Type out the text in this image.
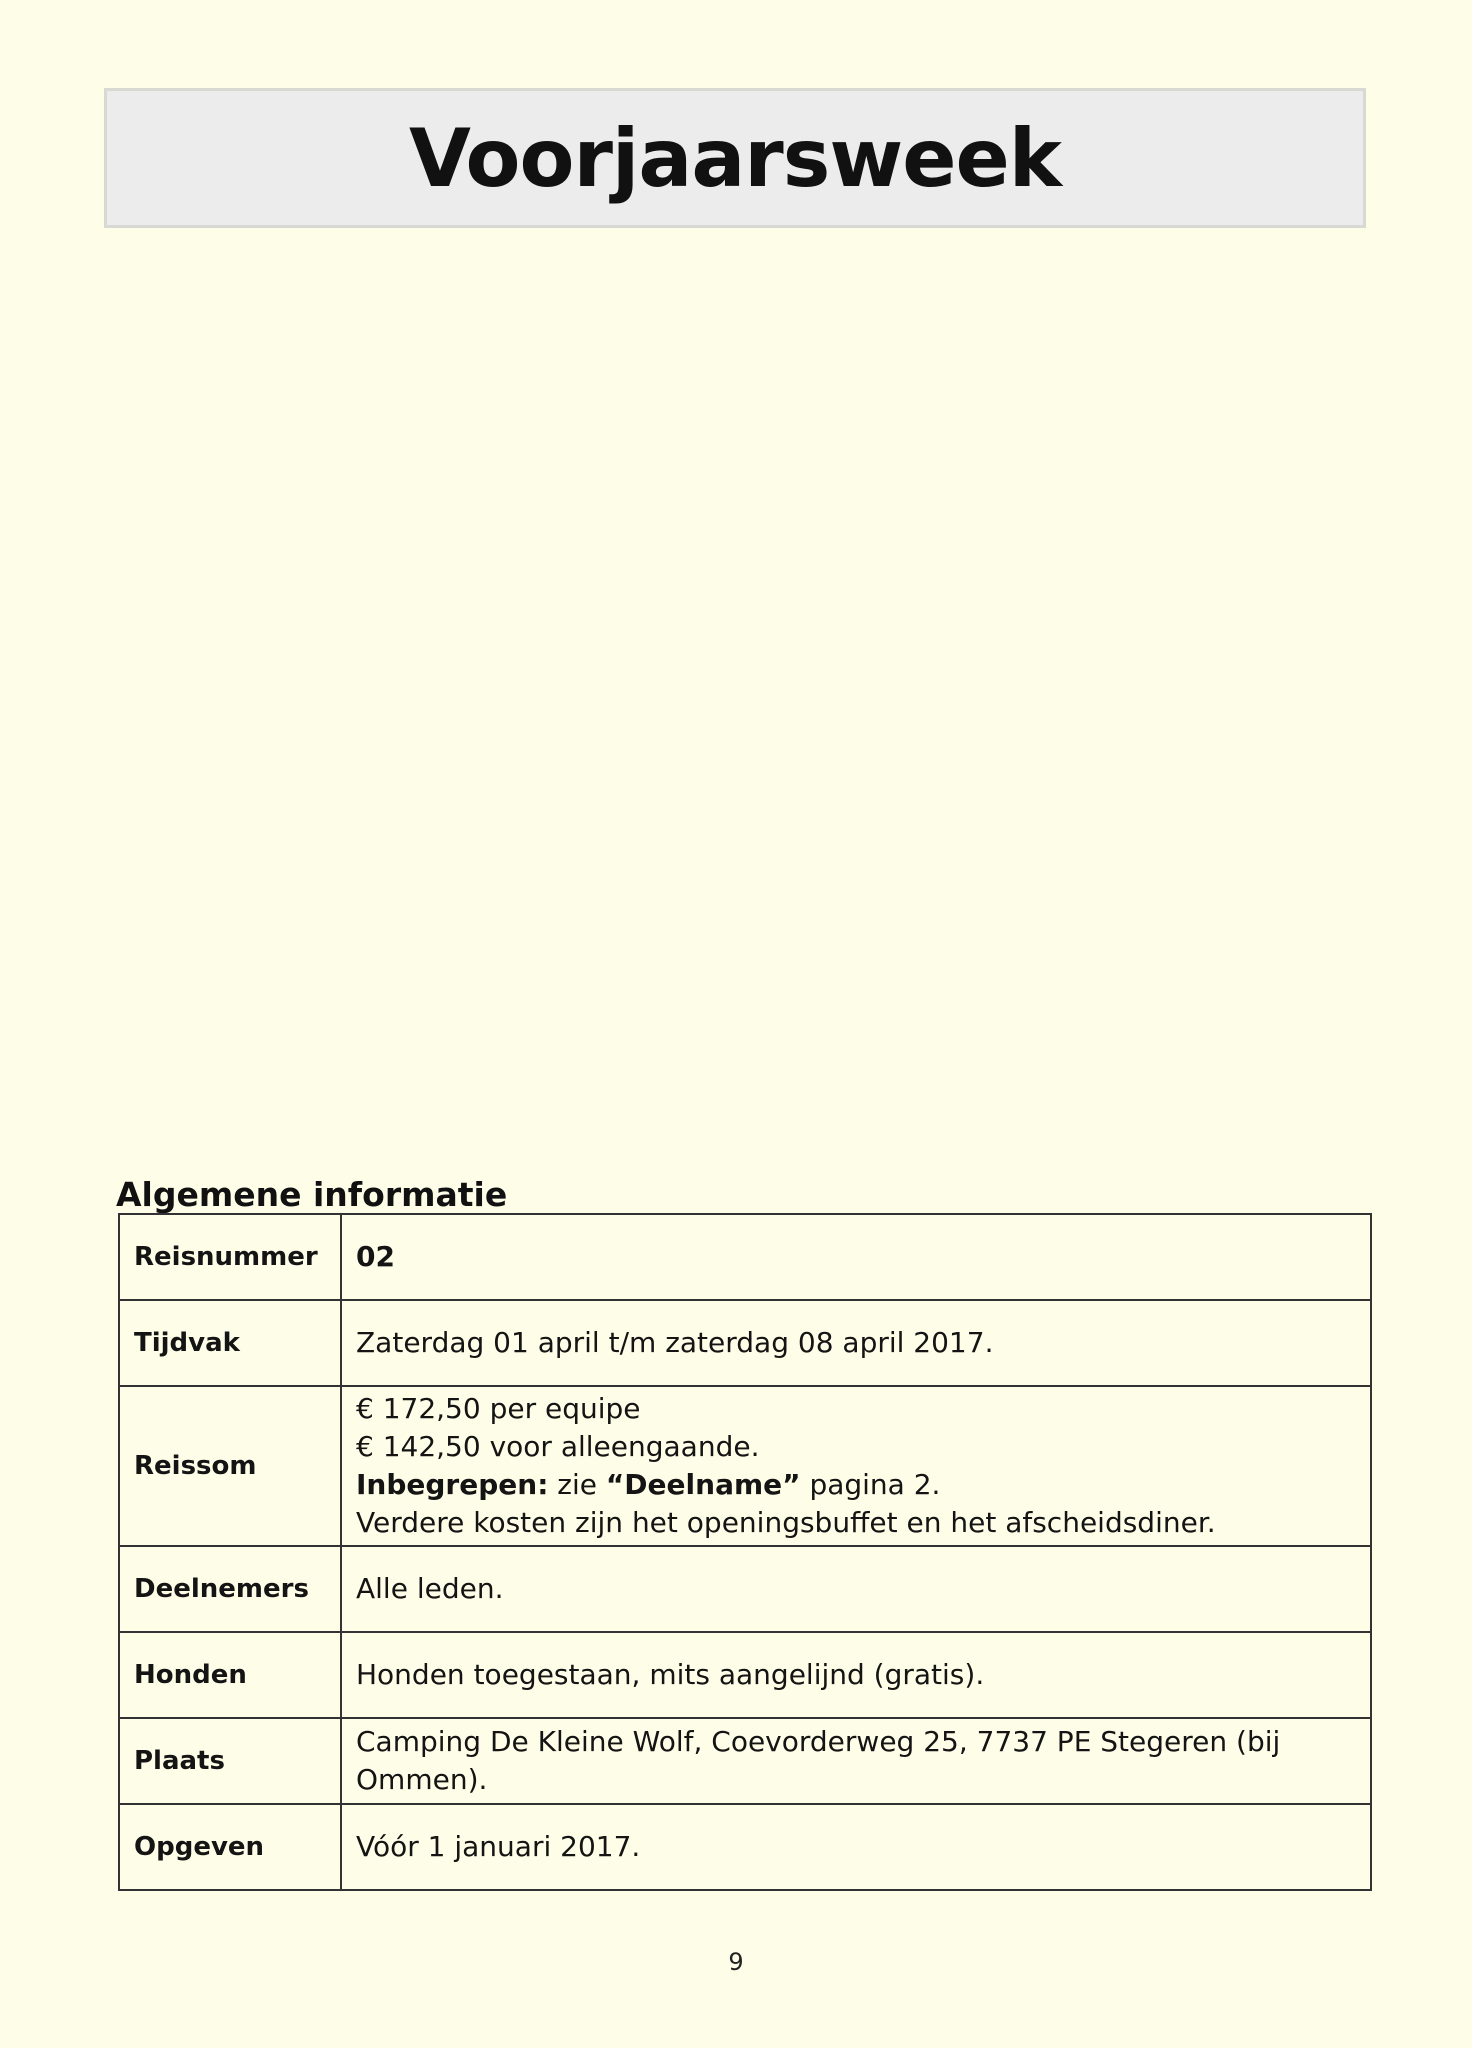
Voorjaarsweek
Algemene informatie
Reisnummer	02
Tijdvak	Zaterdag 01 april t/m zaterdag 08 april 2017.
Reissom	€ 172,50 per equipe
€ 142,50 voor alleengaande.
Inbegrepen: zie “Deelname” pagina 2.
Verdere kosten zijn het openingsbuffet en het afscheidsdiner.

Deelnemers	Alle leden.
Honden	Honden toegestaan, mits aangelijnd (gratis).
Plaats	Camping De Kleine Wolf, Coevorderweg 25, 7737 PE Stegeren (bij Ommen).
Opgeven	Vóór 1 januari 2017.
9
